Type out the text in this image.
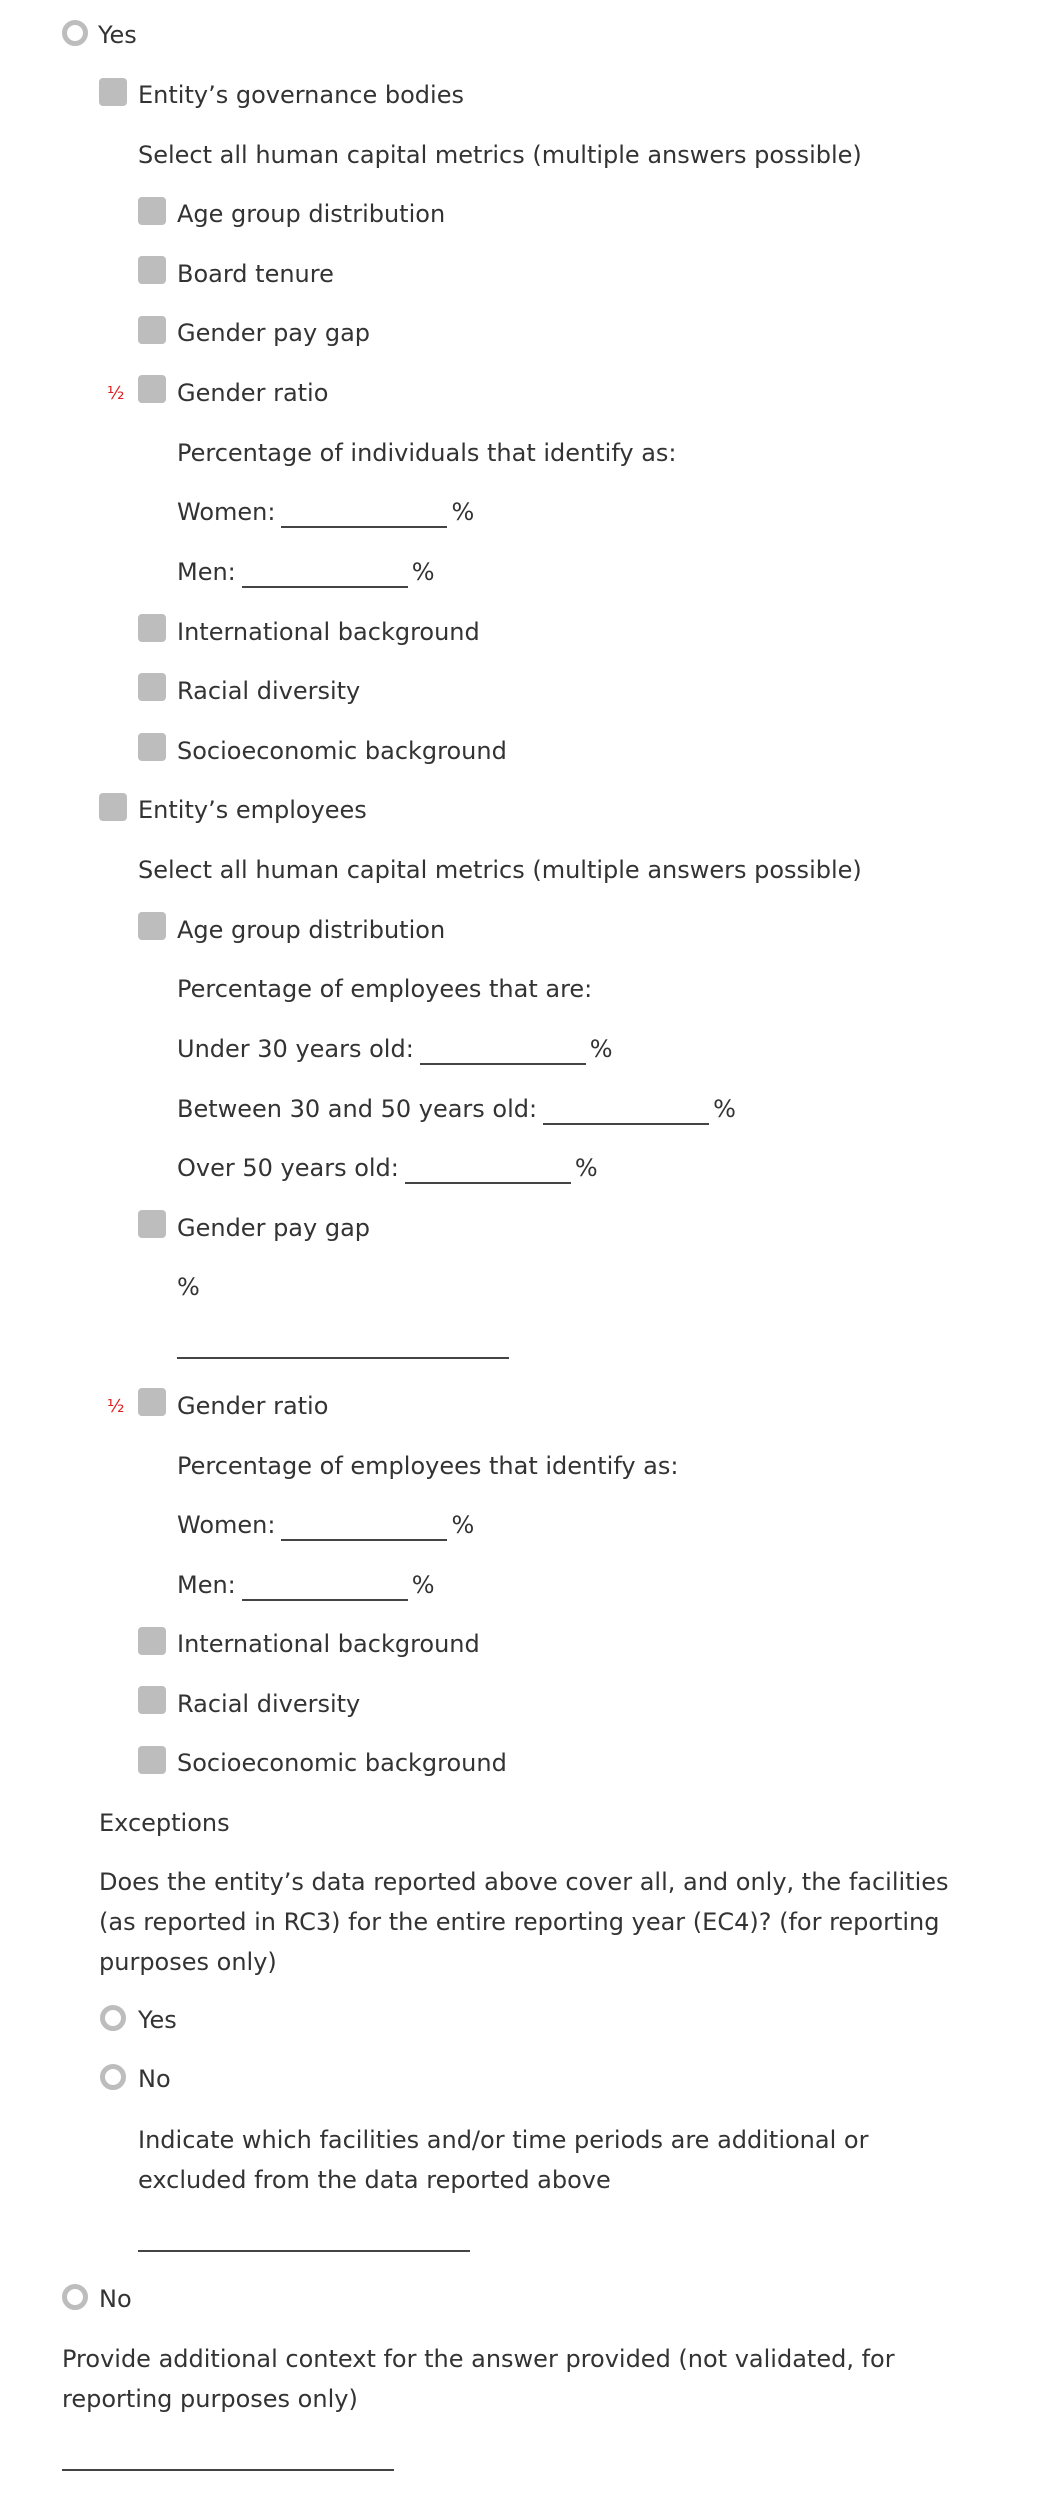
Yes
Entity’s governance bodies
Select all human capital metrics (multiple answers possible)
Age group distribution
Board tenure
Gender pay gap
½ Gender ratio
Percentage of individuals that identify as:
Women:	%
Men:	%
International background
Racial diversity
Socioeconomic background
Entity’s employees
Select all human capital metrics (multiple answers possible)
Age group distribution
Percentage of employees that are:
Under 30 years old:	%
Between 30 and 50 years old:	%
Over 50 years old:	%
Gender pay gap
%
½ Gender ratio
Percentage of employees that identify as:
Women:	%
Men:	%
International background
Racial diversity
Socioeconomic background
Exceptions
Does the entity’s data reported above cover all, and only, the facilities (as reported in RC3) for the entire reporting year (EC4)? (for reporting purposes only)
Yes
No
Indicate which facilities and/or time periods are additional or excluded from the data reported above
No
Provide additional context for the answer provided (not validated, for reporting purposes only)
